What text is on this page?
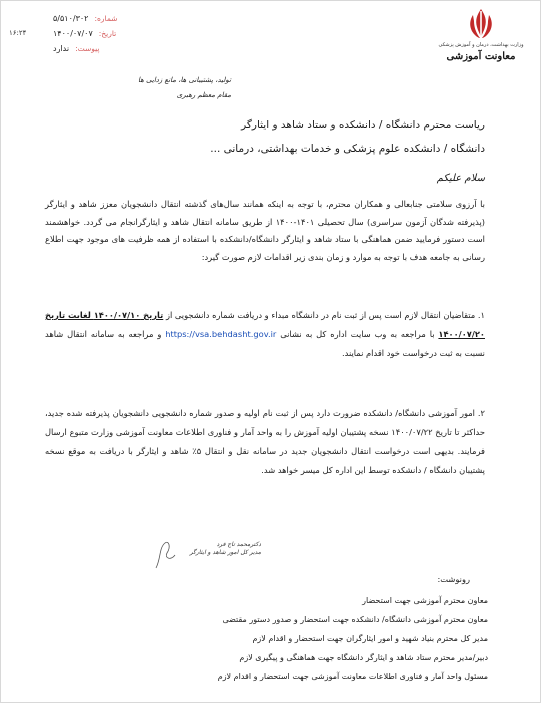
وزارت بهداشت، درمان و آموزش پزشکی
معاونت آموزشی
شماره:
۵/۵۱۰/۳۰۲
تاریخ:
۱۴۰۰/۰۷/۰۷
پیوست:
ندارد
۱۶:۲۴
تولید، پشتیبانی ها، مانع زدایی ها
مقام معظم رهبری
ریاست محترم دانشگاه / دانشکده و ستاد شاهد و ایثارگر
دانشگاه / دانشکده علوم پزشکی و خدمات بهداشتی، درمانی ...
سلام علیکم
با آرزوی سلامتی جنابعالی و همکاران محترم، با توجه به اینکه همانند سال‌های گذشته انتقال دانشجویان معزز شاهد و ایثارگر (پذیرفته شدگان آزمون سراسری) سال تحصیلی ۱۴۰۱-۱۴۰۰ از طریق سامانه انتقال شاهد و ایثارگرانجام می گردد. خواهشمند است دستور فرمایید ضمن هماهنگی با ستاد شاهد و ایثارگر دانشگاه/دانشکده با استفاده از همه ظرفیت های موجود جهت اطلاع رسانی به جامعه هدف با توجه به موارد و زمان بندی زیر اقدامات لازم صورت گیرد:
۱. متقاضیان انتقال لازم است پس از ثبت نام در دانشگاه مبداء و دریافت شماره دانشجویی از تاریخ ۱۴۰۰/۰۷/۱۰ لغایت تاریخ ۱۴۰۰/۰۷/۲۰ با مراجعه به وب سایت اداره کل به نشانی https://vsa.behdasht.gov.ir و مراجعه به سامانه انتقال شاهد نسبت به ثبت درخواست خود اقدام نمایند.
۲. امور آموزشی دانشگاه/ دانشکده ضرورت دارد پس از ثبت نام اولیه و صدور شماره دانشجویی دانشجویان پذیرفته شده جدید، حداکثر تا تاریخ ۱۴۰۰/۰۷/۲۲ نسخه پشتیبان اولیه آموزش را به واحد آمار و فناوری اطلاعات معاونت آموزشی وزارت متبوع ارسال فرمایند. بدیهی است درخواست انتقال دانشجویان جدید در سامانه نقل و انتقال ۵٪ شاهد و ایثارگر با دریافت به موقع نسخه پشتیبان دانشگاه / دانشکده توسط این اداره کل میسر خواهد شد.
دکترمحمد تاج فرد
مدیر کل امور شاهد و ایثارگر
رونوشت:
معاون محترم آموزشی جهت استحضار
معاون محترم آموزشی دانشگاه/ دانشکده جهت استحضار و صدور دستور مقتضی
مدیر کل محترم بنیاد شهید و امور ایثارگران جهت استحضار و اقدام لازم
دبیر/مدیر محترم ستاد شاهد و ایثارگر دانشگاه جهت هماهنگی و پیگیری لازم
مسئول واحد آمار و فناوری اطلاعات معاونت آموزشی جهت استحضار و اقدام لازم
